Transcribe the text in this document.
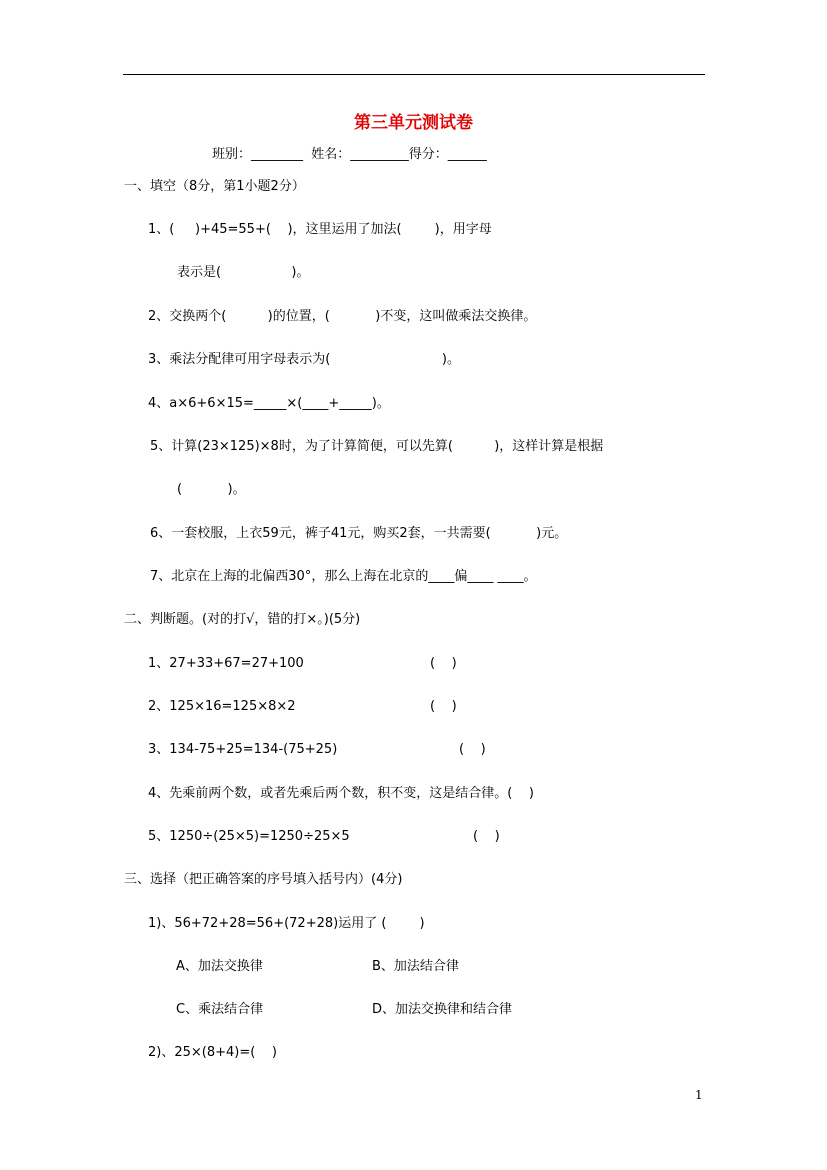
第三单元测试卷
班别：________  姓名：_________得分：______
一、填空（8分，第1小题2分）
1、(     )+45=55+(    )，这里运用了加法(        )，用字母
表示是(                 )。
2、交换两个(          )的位置，(           )不变，这叫做乘法交换律。
3、乘法分配律可用字母表示为(                           )。
4、a×6+6×15=_____×(____+_____)。
5、计算(23×125)×8时，为了计算简便，可以先算(          )，这样计算是根据
(           )。
6、一套校服，上衣59元，裤子41元，购买2套，一共需要(           )元。
7、北京在上海的北偏西30°，那么上海在北京的____偏____ ____。
二、判断题。(对的打√，错的打×。)(5分)
1、27+33+67=27+100	(    )
2、125×16=125×8×2	(    )
3、134-75+25=134-(75+25)	(    )
4、先乘前两个数，或者先乘后两个数，积不变，这是结合律。(    )
5、1250÷(25×5)=1250÷25×5	(    )
三、选择（把正确答案的序号填入括号内）(4分)
1)、56+72+28=56+(72+28)运用了 (        )
A、加法交换律	B、加法结合律
C、乘法结合律	D、加法交换律和结合律
2)、25×(8+4)=(    )
1
